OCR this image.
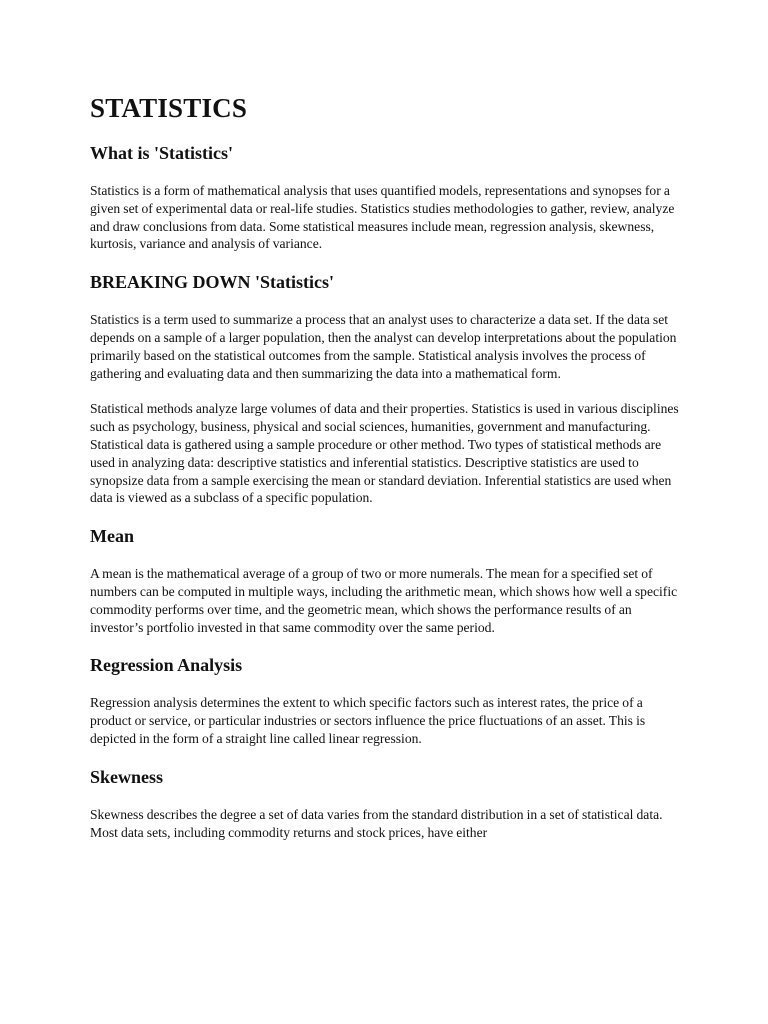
STATISTICS
What is 'Statistics'

Statistics is a form of mathematical analysis that uses quantified models, representations and synopses for a given set of experimental data or real-life studies. Statistics studies methodologies to gather, review, analyze and draw conclusions from data. Some statistical measures include mean, regression analysis, skewness, kurtosis, variance and analysis of variance.

BREAKING DOWN 'Statistics'

Statistics is a term used to summarize a process that an analyst uses to characterize a data set. If the data set depends on a sample of a larger population, then the analyst can develop interpretations about the population primarily based on the statistical outcomes from the sample. Statistical analysis involves the process of gathering and evaluating data and then summarizing the data into a mathematical form.

Statistical methods analyze large volumes of data and their properties. Statistics is used in various disciplines such as psychology, business, physical and social sciences, humanities, government and manufacturing. Statistical data is gathered using a sample procedure or other method. Two types of statistical methods are used in analyzing data: descriptive statistics and inferential statistics. Descriptive statistics are used to synopsize data from a sample exercising the mean or standard deviation. Inferential statistics are used when data is viewed as a subclass of a specific population.

Mean

A mean is the mathematical average of a group of two or more numerals. The mean for a specified set of numbers can be computed in multiple ways, including the arithmetic mean, which shows how well a specific commodity performs over time, and the geometric mean, which shows the performance results of an investor’s portfolio invested in that same commodity over the same period.

Regression Analysis

Regression analysis determines the extent to which specific factors such as interest rates, the price of a product or service, or particular industries or sectors influence the price fluctuations of an asset. This is depicted in the form of a straight line called linear regression.

Skewness

Skewness describes the degree a set of data varies from the standard distribution in a set of statistical data. Most data sets, including commodity returns and stock prices, have either
